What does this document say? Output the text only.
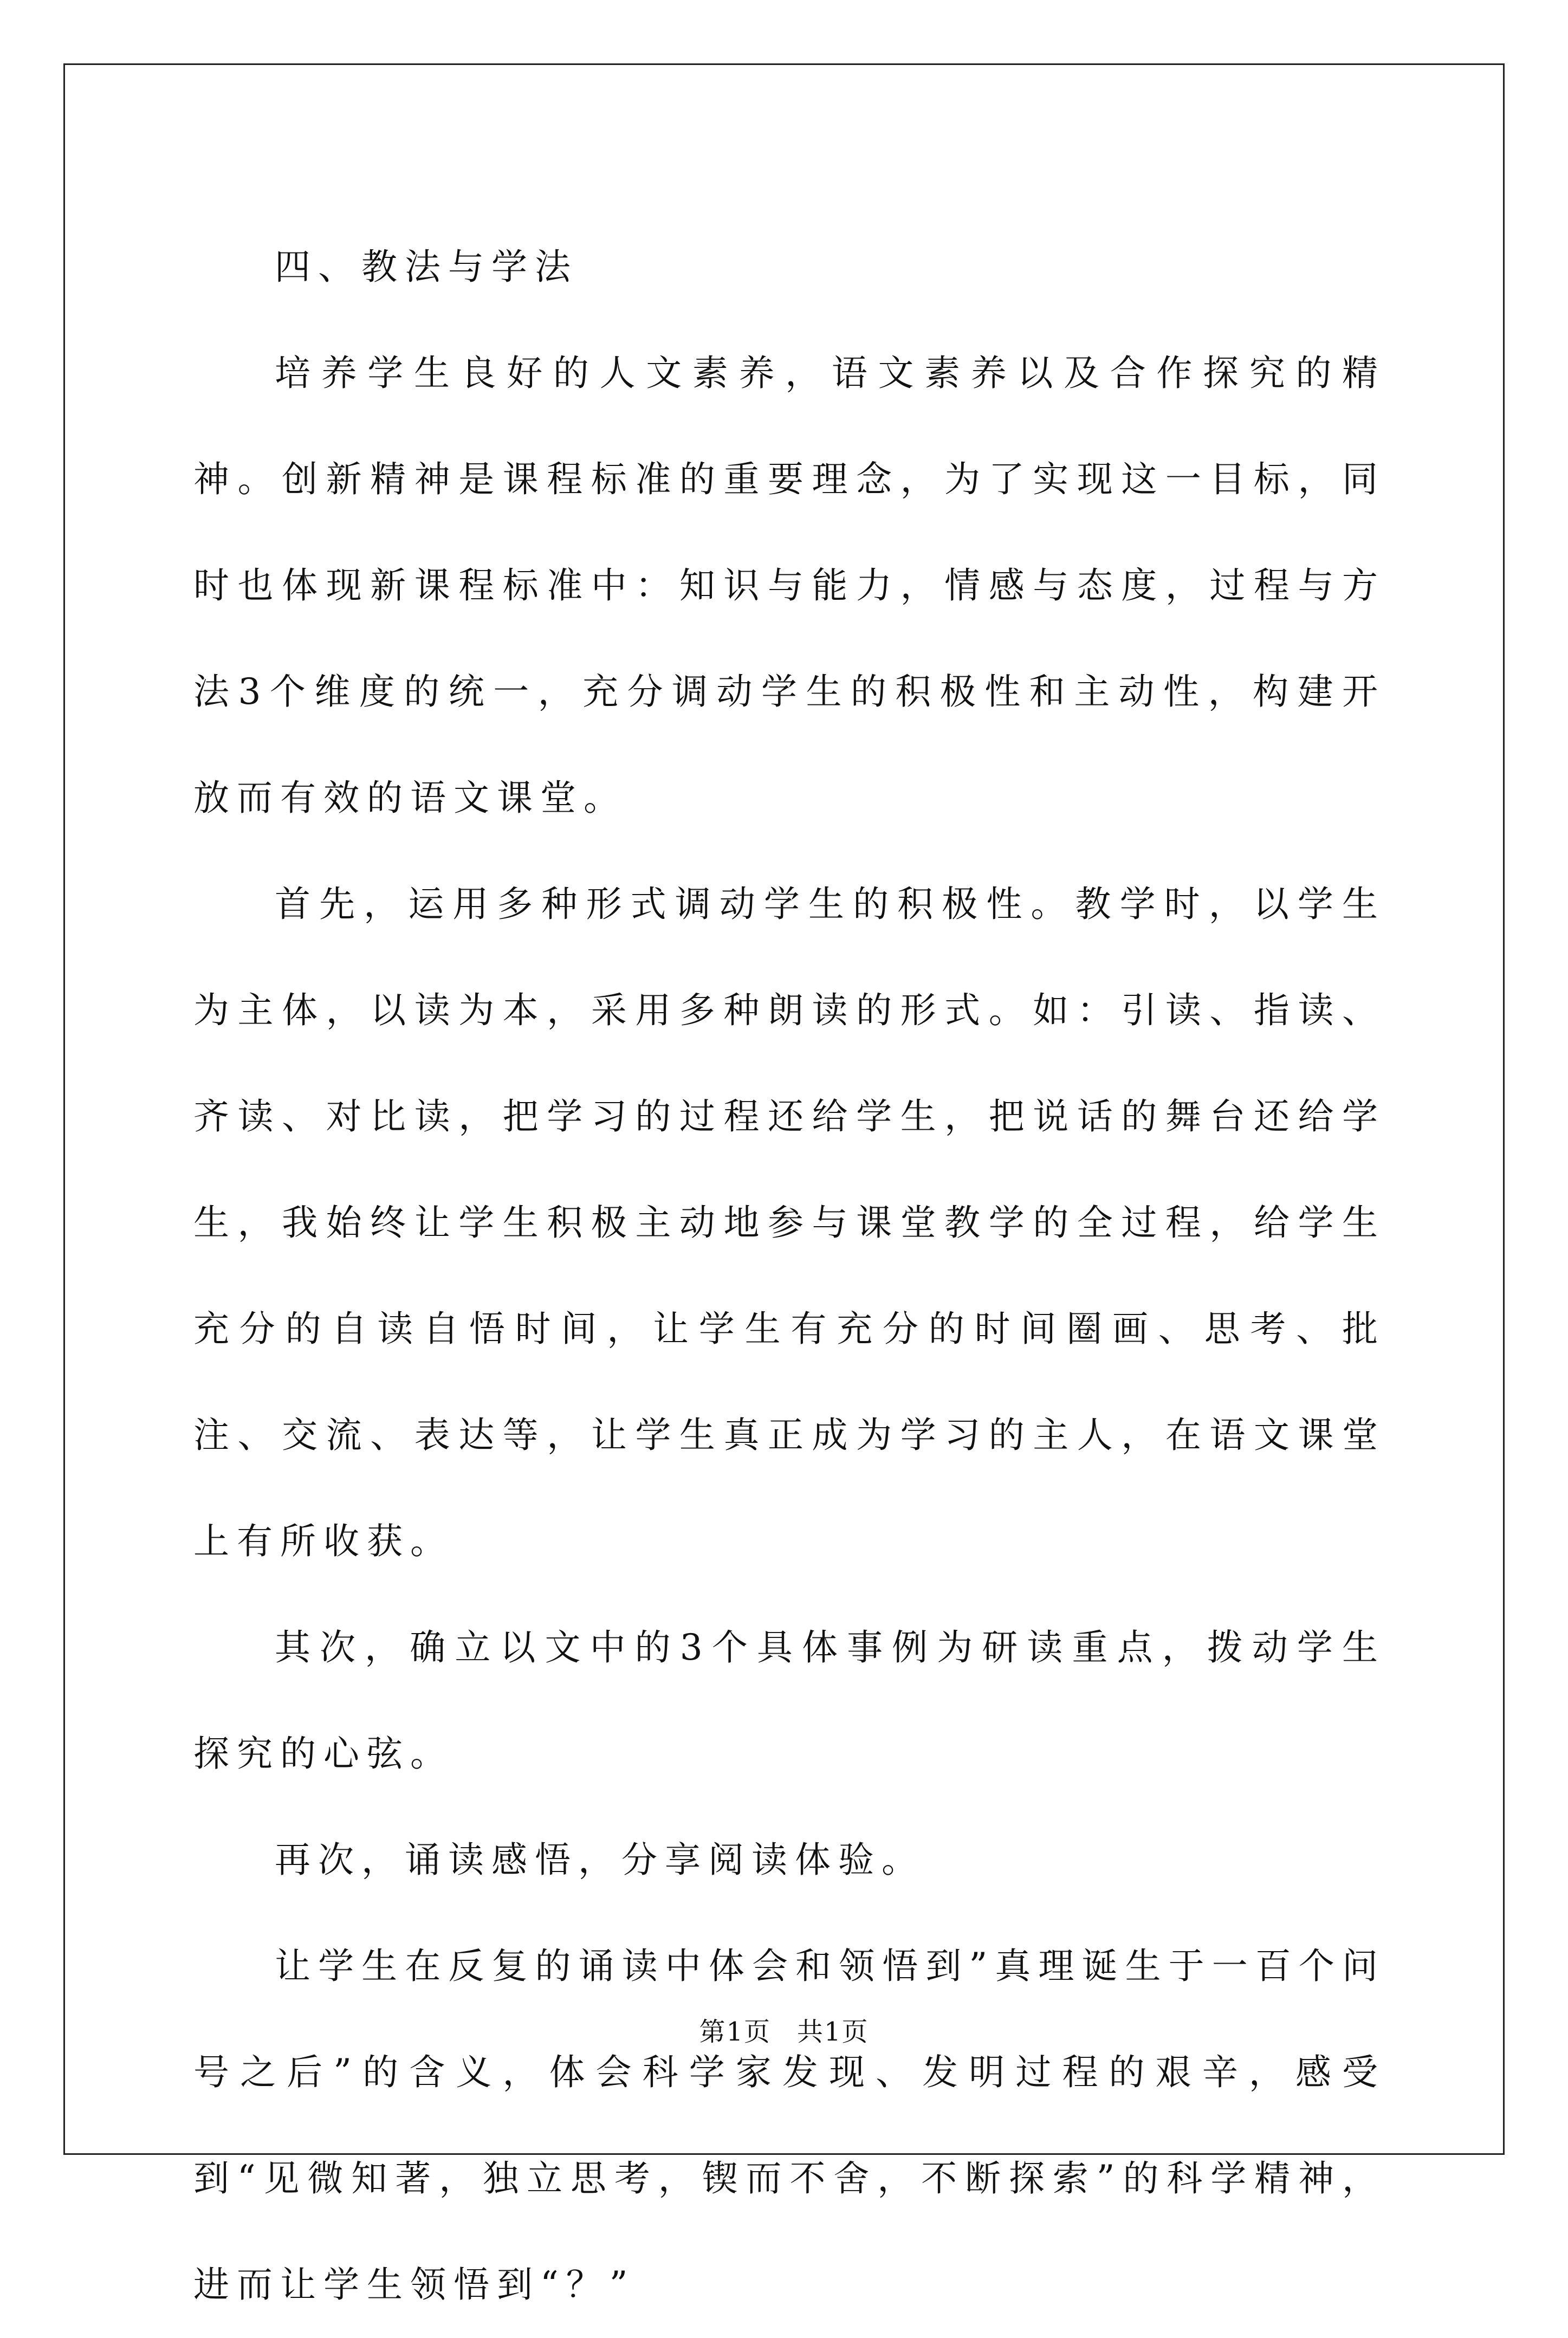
四、教法与学法

培养学生良好的人文素养，语文素养以及合作探究的精神。创新精神是课程标准的重要理念，为了实现这一目标，同时也体现新课程标准中：知识与能力，情感与态度，过程与方法3个维度的统一，充分调动学生的积极性和主动性，构建开放而有效的语文课堂。

首先，运用多种形式调动学生的积极性。教学时，以学生为主体，以读为本，采用多种朗读的形式。如：引读、指读、齐读、对比读，把学习的过程还给学生，把说话的舞台还给学生，我始终让学生积极主动地参与课堂教学的全过程，给学生充分的自读自悟时间，让学生有充分的时间圈画、思考、批注、交流、表达等，让学生真正成为学习的主人，在语文课堂上有所收获。

其次，确立以文中的3个具体事例为研读重点，拨动学生探究的心弦。

再次，诵读感悟，分享阅读体验。

让学生在反复的诵读中体会和领悟到”真理诞生于一百个问号之后”的含义，体会科学家发现、发明过程的艰辛，感受到“见微知著，独立思考，锲而不舍，不断探索”的科学精神，进而让学生领悟到“？”

第1页 共1页
